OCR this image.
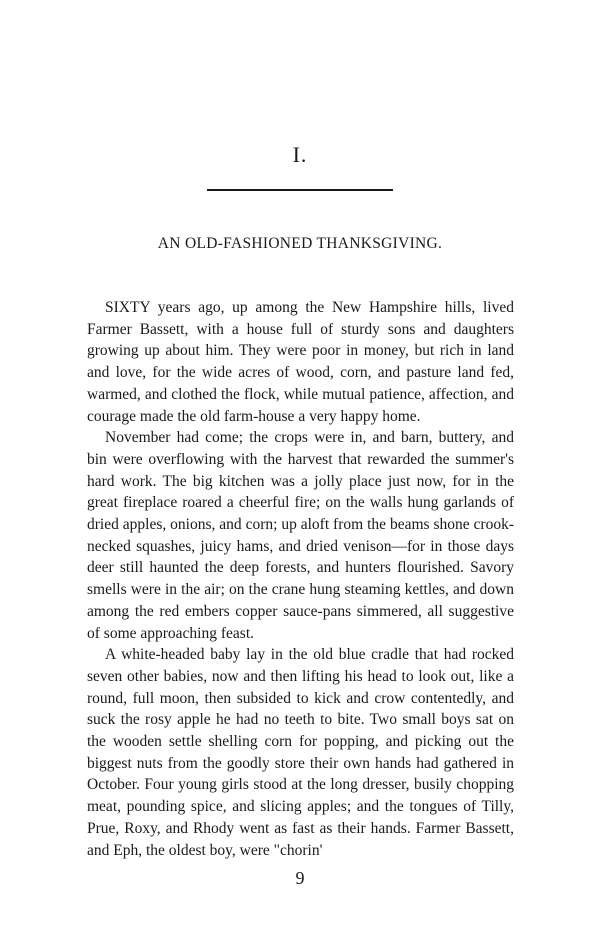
I.
AN OLD-FASHIONED THANKSGIVING.

SIXTY years ago, up among the New Hampshire hills, lived Farmer Bassett, with a house full of sturdy sons and daughters growing up about him. They were poor in money, but rich in land and love, for the wide acres of wood, corn, and pasture land fed, warmed, and clothed the flock, while mutual patience, affection, and courage made the old farm-house a very happy home.

November had come; the crops were in, and barn, buttery, and bin were overflowing with the harvest that rewarded the summer's hard work. The big kitchen was a jolly place just now, for in the great fireplace roared a cheerful fire; on the walls hung garlands of dried apples, onions, and corn; up aloft from the beams shone crook-necked squashes, juicy hams, and dried venison—for in those days deer still haunted the deep forests, and hunters flourished. Savory smells were in the air; on the crane hung steaming kettles, and down among the red embers copper sauce-pans simmered, all suggestive of some approaching feast.

A white-headed baby lay in the old blue cradle that had rocked seven other babies, now and then lifting his head to look out, like a round, full moon, then subsided to kick and crow contentedly, and suck the rosy apple he had no teeth to bite. Two small boys sat on the wooden settle shelling corn for popping, and picking out the biggest nuts from the goodly store their own hands had gathered in October. Four young girls stood at the long dresser, busily chopping meat, pounding spice, and slicing apples; and the tongues of Tilly, Prue, Roxy, and Rhody went as fast as their hands. Farmer Bassett, and Eph, the oldest boy, were "chorin'

9
